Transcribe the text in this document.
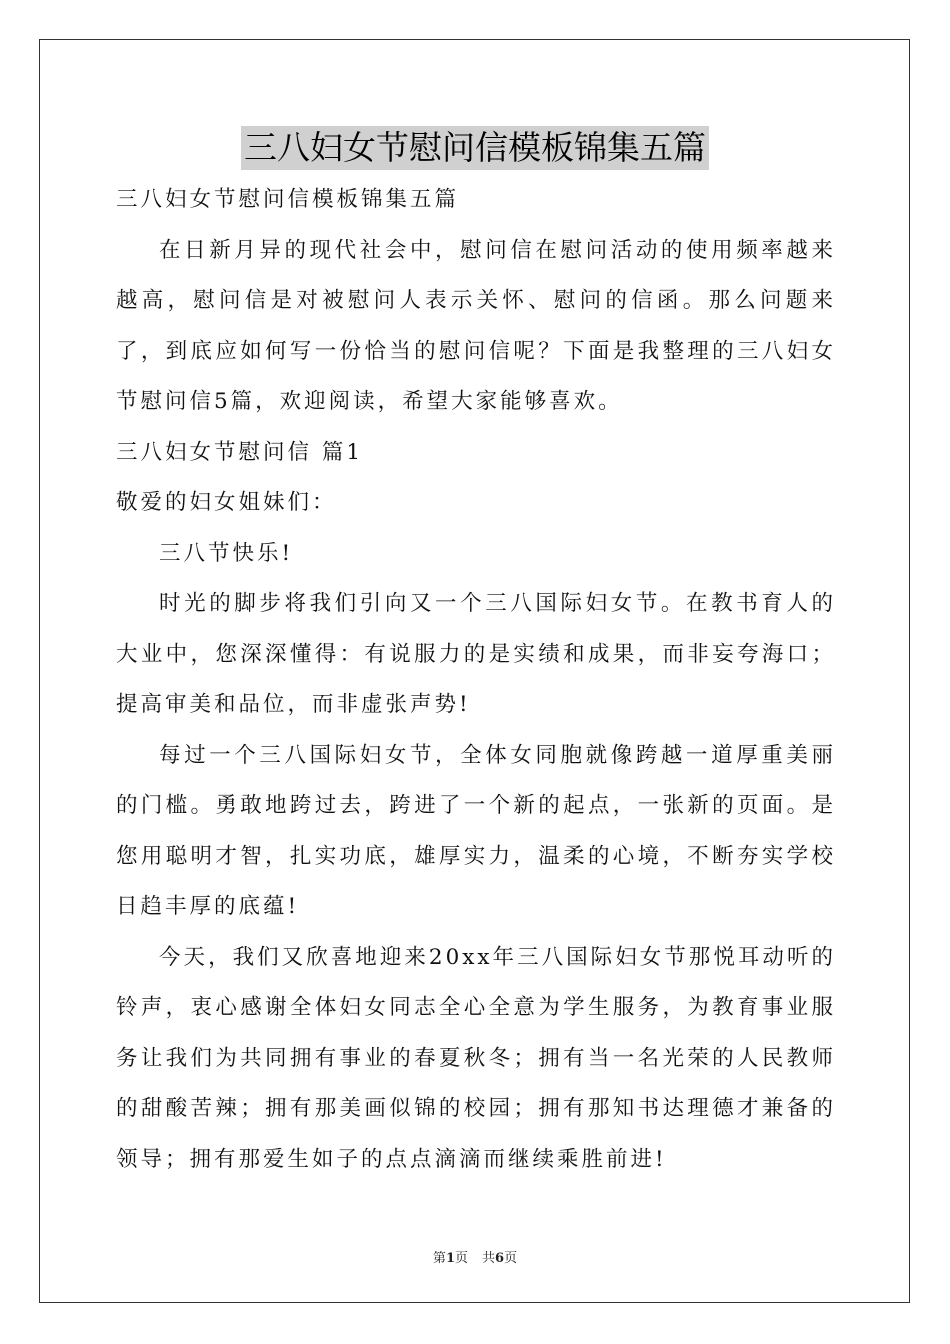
三八妇女节慰问信模板锦集五篇

三八妇女节慰问信模板锦集五篇

在日新月异的现代社会中，慰问信在慰问活动的使用频率越来越高，慰问信是对被慰问人表示关怀、慰问的信函。那么问题来了，到底应如何写一份恰当的慰问信呢？下面是我整理的三八妇女节慰问信5篇，欢迎阅读，希望大家能够喜欢。

三八妇女节慰问信 篇1

敬爱的妇女姐妹们：

三八节快乐!

时光的脚步将我们引向又一个三八国际妇女节。在教书育人的大业中，您深深懂得：有说服力的是实绩和成果，而非妄夸海口；提高审美和品位，而非虚张声势!

每过一个三八国际妇女节，全体女同胞就像跨越一道厚重美丽的门槛。勇敢地跨过去，跨进了一个新的起点，一张新的页面。是您用聪明才智，扎实功底，雄厚实力，温柔的心境，不断夯实学校日趋丰厚的底蕴!

今天，我们又欣喜地迎来20xx年三八国际妇女节那悦耳动听的铃声，衷心感谢全体妇女同志全心全意为学生服务，为教育事业服务让我们为共同拥有事业的春夏秋冬；拥有当一名光荣的人民教师的甜酸苦辣；拥有那美画似锦的校园；拥有那知书达理德才兼备的领导；拥有那爱生如子的点点滴滴而继续乘胜前进!

第1页 共6页
